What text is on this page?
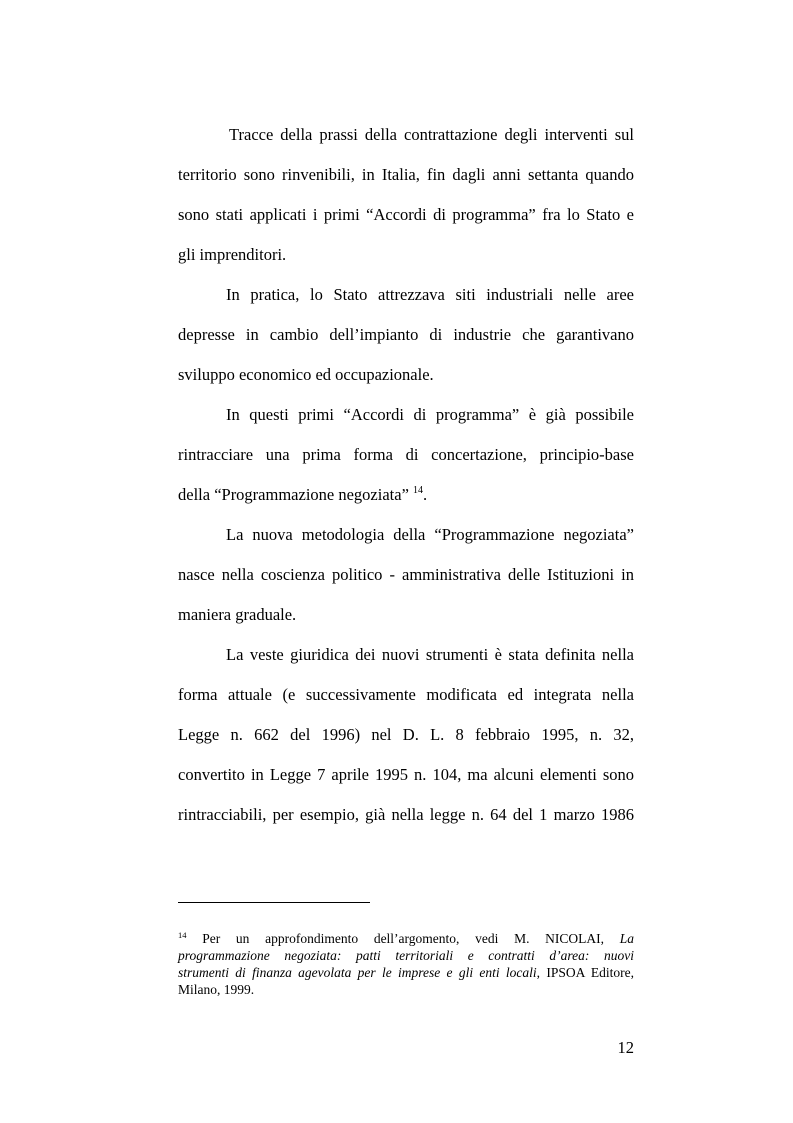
Tracce della prassi della contrattazione degli interventi sul
territorio sono rinvenibili, in Italia, fin dagli anni settanta quando
sono stati applicati i primi “Accordi di programma” fra lo Stato e
gli imprenditori.
In pratica, lo Stato attrezzava siti industriali nelle aree
depresse in cambio dell’impianto di industrie che garantivano
sviluppo economico ed occupazionale.
In questi primi “Accordi di programma” è già possibile
rintracciare una prima forma di concertazione, principio-base
della “Programmazione negoziata” $^{14}$.
La nuova metodologia della “Programmazione negoziata”
nasce nella coscienza politico - amministrativa delle Istituzioni in
maniera graduale.
La veste giuridica dei nuovi strumenti è stata definita nella
forma attuale (e successivamente modificata ed integrata nella
Legge n. 662 del 1996) nel D. L. 8 febbraio 1995, n. 32,
convertito in Legge 7 aprile 1995 n. 104, ma alcuni elementi sono
rintracciabili, per esempio, già nella legge n. 64 del 1 marzo 1986
$^{14}$ Per un approfondimento dell’argomento, vedi M. NICOLAI, La
programmazione negoziata: patti territoriali e contratti d’area: nuovi
strumenti di finanza agevolata per le imprese e gli enti locali, IPSOA Editore,
Milano, 1999.
12
